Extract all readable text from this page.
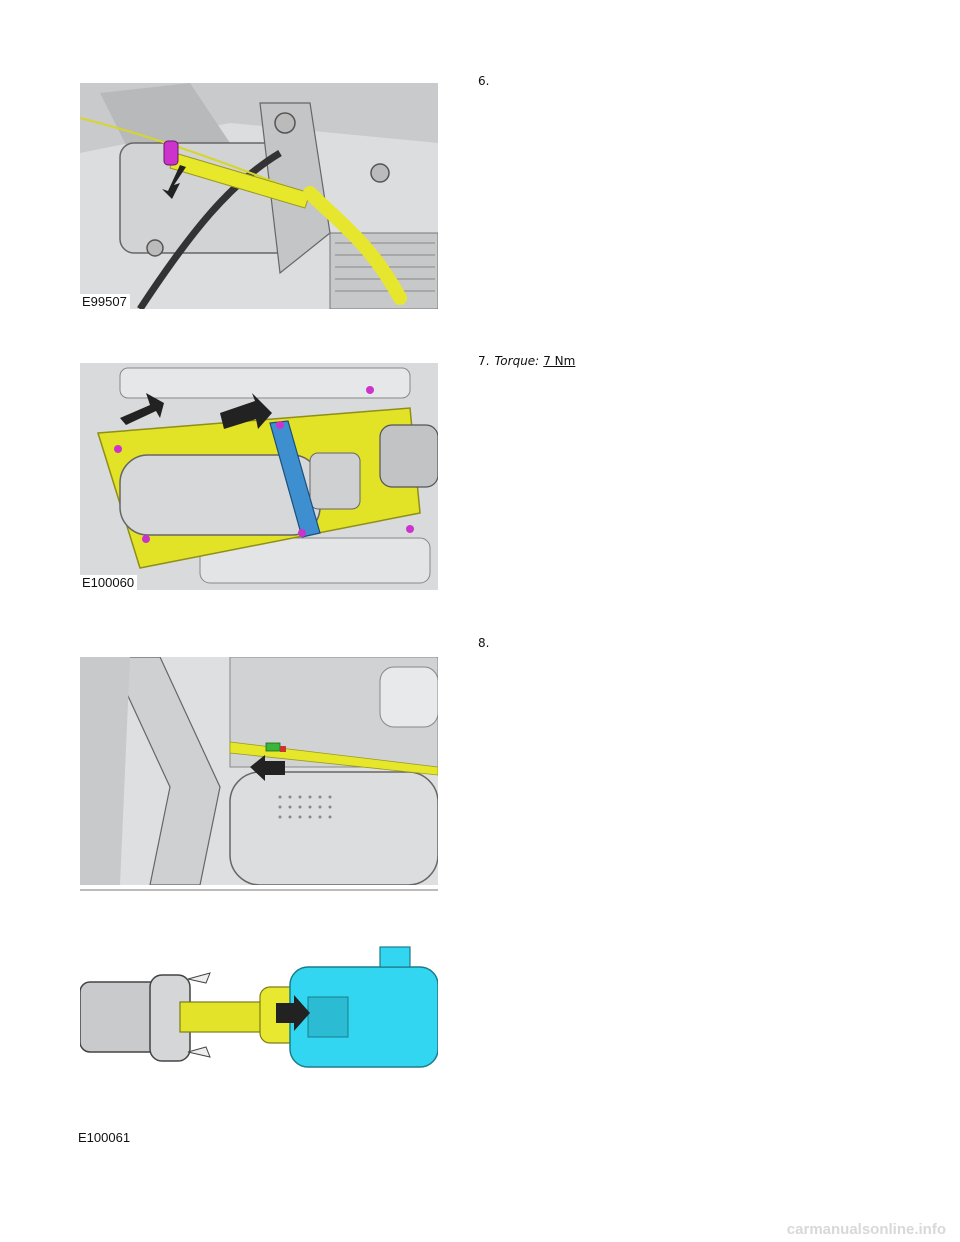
E99507
6.
E100060
7. Torque: 7 Nm
8.
E100061
carmanualsonline.info
